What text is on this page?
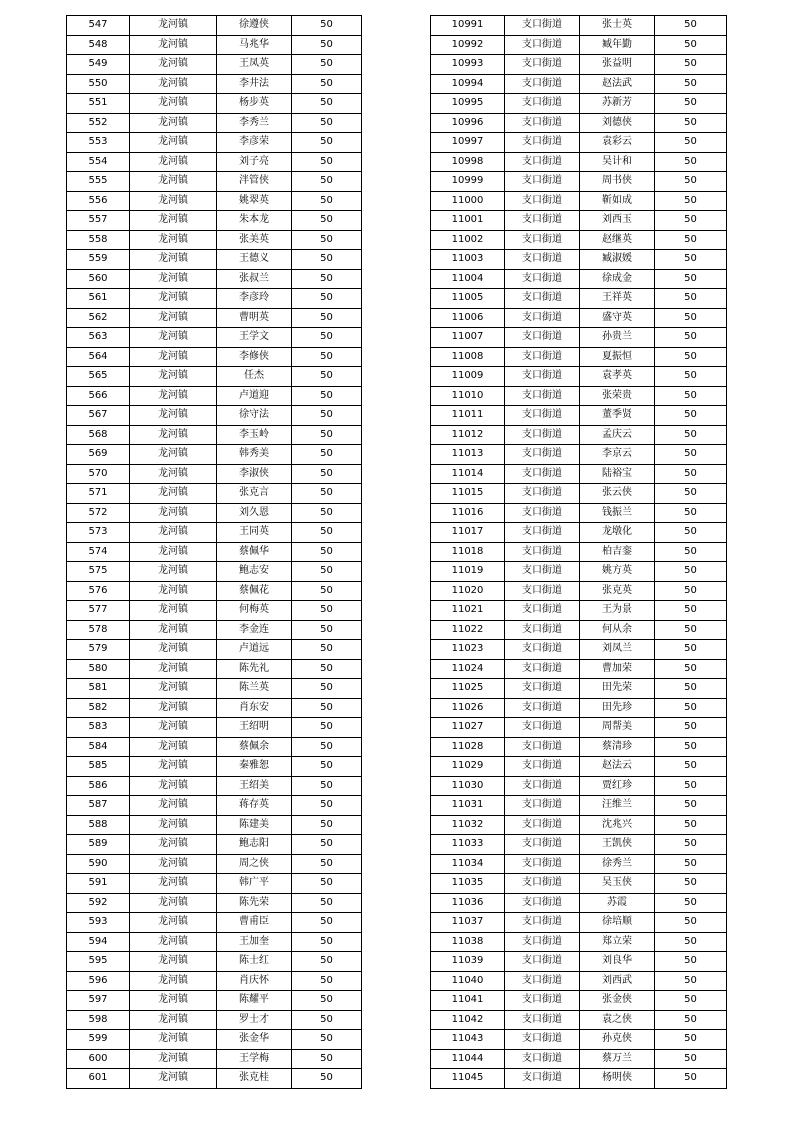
547	龙河镇	徐遵侠	50
548	龙河镇	马兆华	50
549	龙河镇	王凤英	50
550	龙河镇	李井法	50
551	龙河镇	杨步英	50
552	龙河镇	李秀兰	50
553	龙河镇	李彦荣	50
554	龙河镇	刘子亮	50
555	龙河镇	泮管侠	50
556	龙河镇	姚翠英	50
557	龙河镇	朱本龙	50
558	龙河镇	张美英	50
559	龙河镇	王德义	50
560	龙河镇	张叔兰	50
561	龙河镇	李彦玲	50
562	龙河镇	曹明英	50
563	龙河镇	王学文	50
564	龙河镇	李修侠	50
565	龙河镇	任杰	50
566	龙河镇	卢道迎	50
567	龙河镇	徐守法	50
568	龙河镇	李玉岭	50
569	龙河镇	韩秀美	50
570	龙河镇	李淑侠	50
571	龙河镇	张克言	50
572	龙河镇	刘久恩	50
573	龙河镇	王同英	50
574	龙河镇	蔡佩华	50
575	龙河镇	鲍志安	50
576	龙河镇	蔡佩花	50
577	龙河镇	何梅英	50
578	龙河镇	李金连	50
579	龙河镇	卢道远	50
580	龙河镇	陈先礼	50
581	龙河镇	陈兰英	50
582	龙河镇	肖东安	50
583	龙河镇	王绍明	50
584	龙河镇	蔡佩余	50
585	龙河镇	秦雅恕	50
586	龙河镇	王绍美	50
587	龙河镇	蒋存英	50
588	龙河镇	陈建美	50
589	龙河镇	鲍志阳	50
590	龙河镇	周之侠	50
591	龙河镇	韩广平	50
592	龙河镇	陈先荣	50
593	龙河镇	曹甫臣	50
594	龙河镇	王加奎	50
595	龙河镇	陈士红	50
596	龙河镇	肖庆怀	50
597	龙河镇	陈耀平	50
598	龙河镇	罗士才	50
599	龙河镇	张金华	50
600	龙河镇	王学梅	50
601	龙河镇	张克桂	50
10991	支口街道	张士英	50
10992	支口街道	臧年勤	50
10993	支口街道	张益明	50
10994	支口街道	赵法武	50
10995	支口街道	苏新芳	50
10996	支口街道	刘德侠	50
10997	支口街道	袁彩云	50
10998	支口街道	吴计和	50
10999	支口街道	周书侠	50
11000	支口街道	靳如成	50
11001	支口街道	刘西玉	50
11002	支口街道	赵继英	50
11003	支口街道	臧淑媛	50
11004	支口街道	徐成金	50
11005	支口街道	王祥英	50
11006	支口街道	盛守英	50
11007	支口街道	孙贵兰	50
11008	支口街道	夏振恒	50
11009	支口街道	袁孝英	50
11010	支口街道	张荣贵	50
11011	支口街道	董季贤	50
11012	支口街道	孟庆云	50
11013	支口街道	李京云	50
11014	支口街道	陆裕宝	50
11015	支口街道	张云侠	50
11016	支口街道	钱振兰	50
11017	支口街道	龙墩化	50
11018	支口街道	柏吉銮	50
11019	支口街道	姚方英	50
11020	支口街道	张克英	50
11021	支口街道	王为景	50
11022	支口街道	何从余	50
11023	支口街道	刘凤兰	50
11024	支口街道	曹加荣	50
11025	支口街道	田先荣	50
11026	支口街道	田先珍	50
11027	支口街道	周帮美	50
11028	支口街道	蔡清珍	50
11029	支口街道	赵法云	50
11030	支口街道	贾红珍	50
11031	支口街道	汪维兰	50
11032	支口街道	沈兆兴	50
11033	支口街道	王凯侠	50
11034	支口街道	徐秀兰	50
11035	支口街道	吴玉侠	50
11036	支口街道	苏霞	50
11037	支口街道	徐培顺	50
11038	支口街道	郑立荣	50
11039	支口街道	刘良华	50
11040	支口街道	刘西武	50
11041	支口街道	张金侠	50
11042	支口街道	袁之侠	50
11043	支口街道	孙克侠	50
11044	支口街道	蔡万兰	50
11045	支口街道	杨明侠	50
